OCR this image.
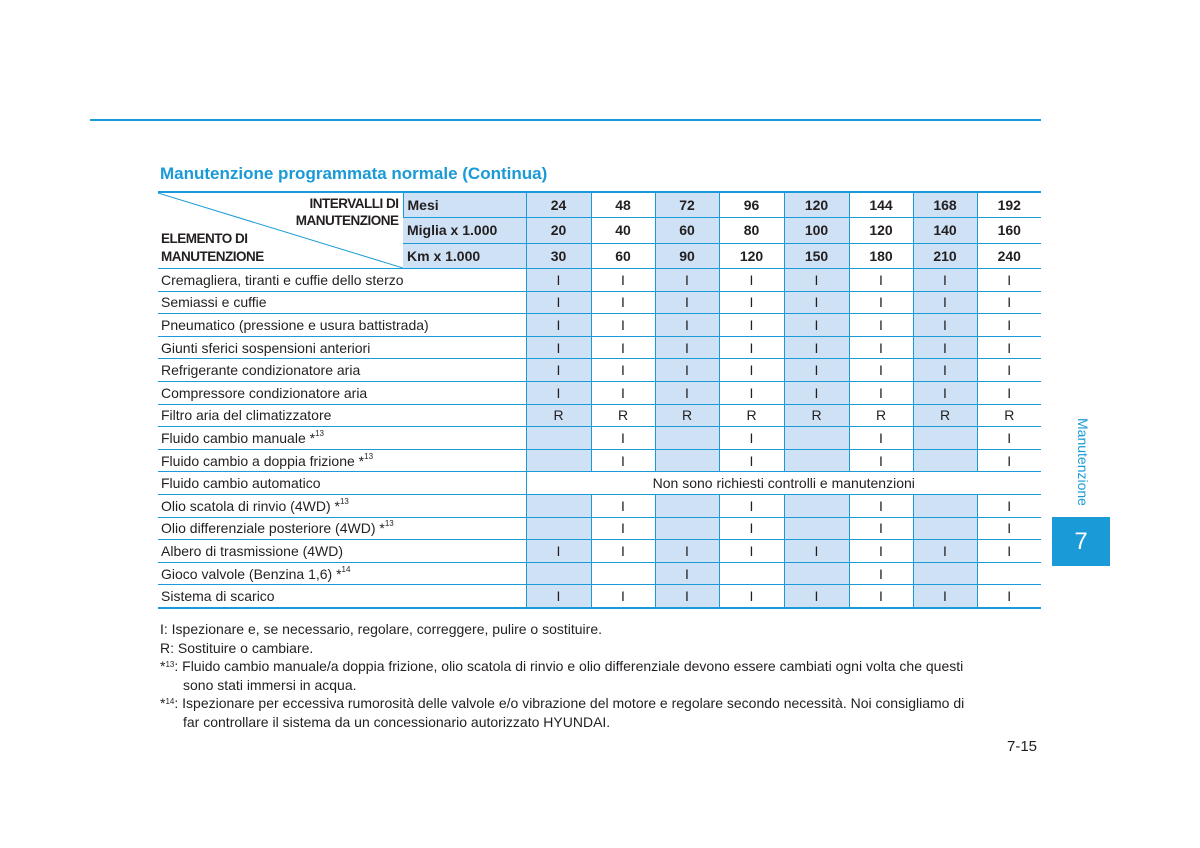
Manutenzione programmata normale (Continua)
INTERVALLI DI
MANUTENZIONE
ELEMENTO DI
MANUTENZIONE	Mesi	24	48	72	96	120	144	168	192
	Miglia x 1.000	20	40	60	80	100	120	140	160
	Km x 1.000	30	60	90	120	150	180	210	240
Cremagliera, tiranti e cuffie dello sterzo		I	I	I	I	I	I	I	I
Semiassi e cuffie		I	I	I	I	I	I	I	I
Pneumatico (pressione e usura battistrada)		I	I	I	I	I	I	I	I
Giunti sferici sospensioni anteriori		I	I	I	I	I	I	I	I
Refrigerante condizionatore aria		I	I	I	I	I	I	I	I
Compressore condizionatore aria		I	I	I	I	I	I	I	I
Filtro aria del climatizzatore		R	R	R	R	R	R	R	R
Fluido cambio manuale *$^{13}$			I		I		I		I
Fluido cambio a doppia frizione *$^{13}$			I		I		I		I
Fluido cambio automatico		Non sono richiesti controlli e manutenzioni							
Olio scatola di rinvio (4WD) *$^{13}$			I		I		I		I
Olio differenziale posteriore (4WD) *$^{13}$			I		I		I		I
Albero di trasmissione (4WD)		I	I	I	I	I	I	I	I
Gioco valvole (Benzina 1,6) *$^{14}$				I			I		
Sistema di scarico		I	I	I	I	I	I	I	I
I: Ispezionare e, se necessario, regolare, correggere, pulire o sostituire.
R: Sostituire o cambiare.
*$^{13}$: Fluido cambio manuale/a doppia frizione, olio scatola di rinvio e olio differenziale devono essere cambiati ogni volta che questi
sono stati immersi in acqua.
*$^{14}$: Ispezionare per eccessiva rumorosità delle valvole e/o vibrazione del motore e regolare secondo necessità. Noi consigliamo di
far controllare il sistema da un concessionario autorizzato HYUNDAI.
7-15
Manutenzione
7
